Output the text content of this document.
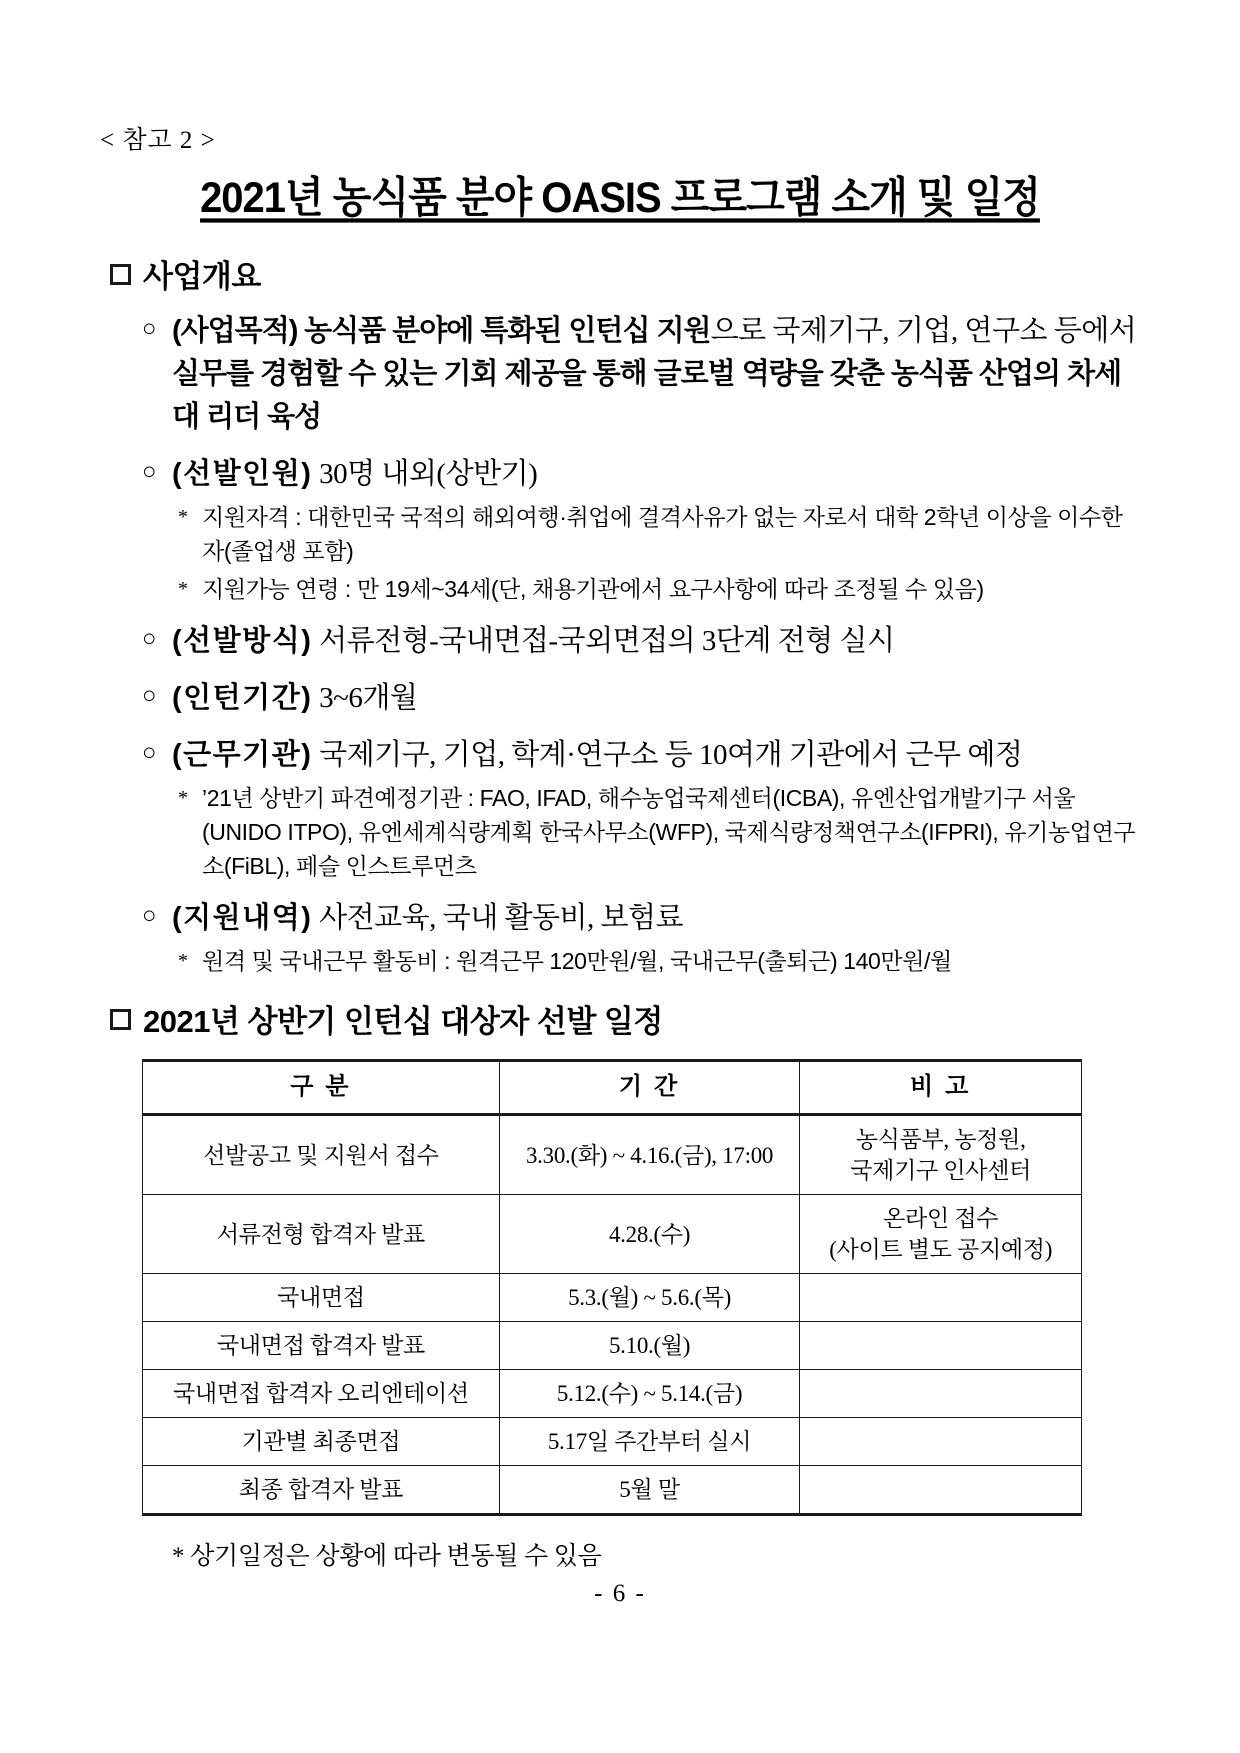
< 참고 2 >
2021년 농식품 분야 OASIS 프로그램 소개 및 일정
사업개요
○ (사업목적) 농식품 분야에 특화된 인턴십 지원으로 국제기구, 기업, 연구소 등에서 실무를 경험할 수 있는 기회 제공을 통해 글로벌 역량을 갖춘 농식품 산업의 차세대 리더 육성
○ (선발인원) 30명 내외(상반기)
* 지원자격 : 대한민국 국적의 해외여행·취업에 결격사유가 없는 자로서 대학 2학년 이상을 이수한 자(졸업생 포함)
* 지원가능 연령 : 만 19세~34세(단, 채용기관에서 요구사항에 따라 조정될 수 있음)
○ (선발방식) 서류전형-국내면접-국외면접의 3단계 전형 실시
○ (인턴기간) 3~6개월
○ (근무기관) 국제기구, 기업, 학계·연구소 등 10여개 기관에서 근무 예정
* ’21년 상반기 파견예정기관 : FAO, IFAD, 해수농업국제센터(ICBA), 유엔산업개발기구 서울(UNIDO ITPO), 유엔세계식량계획 한국사무소(WFP), 국제식량정책연구소(IFPRI), 유기농업연구소(FiBL), 페슬 인스트루먼츠
○ (지원내역) 사전교육, 국내 활동비, 보험료
* 원격 및 국내근무 활동비 : 원격근무 120만원/월, 국내근무(출퇴근) 140만원/월
2021년 상반기 인턴십 대상자 선발 일정
구 분	기 간	비 고
선발공고 및 지원서 접수	3.30.(화) ~ 4.16.(금), 17:00	농식품부, 농정원,
국제기구 인사센터
서류전형 합격자 발표	4.28.(수)	온라인 접수
(사이트 별도 공지예정)
국내면접	5.3.(월) ~ 5.6.(목)	
국내면접 합격자 발표	5.10.(월)	
국내면접 합격자 오리엔테이션	5.12.(수) ~ 5.14.(금)	
기관별 최종면접	5.17일 주간부터 실시	
최종 합격자 발표	5월 말	
* 상기일정은 상황에 따라 변동될 수 있음
- 6 -
